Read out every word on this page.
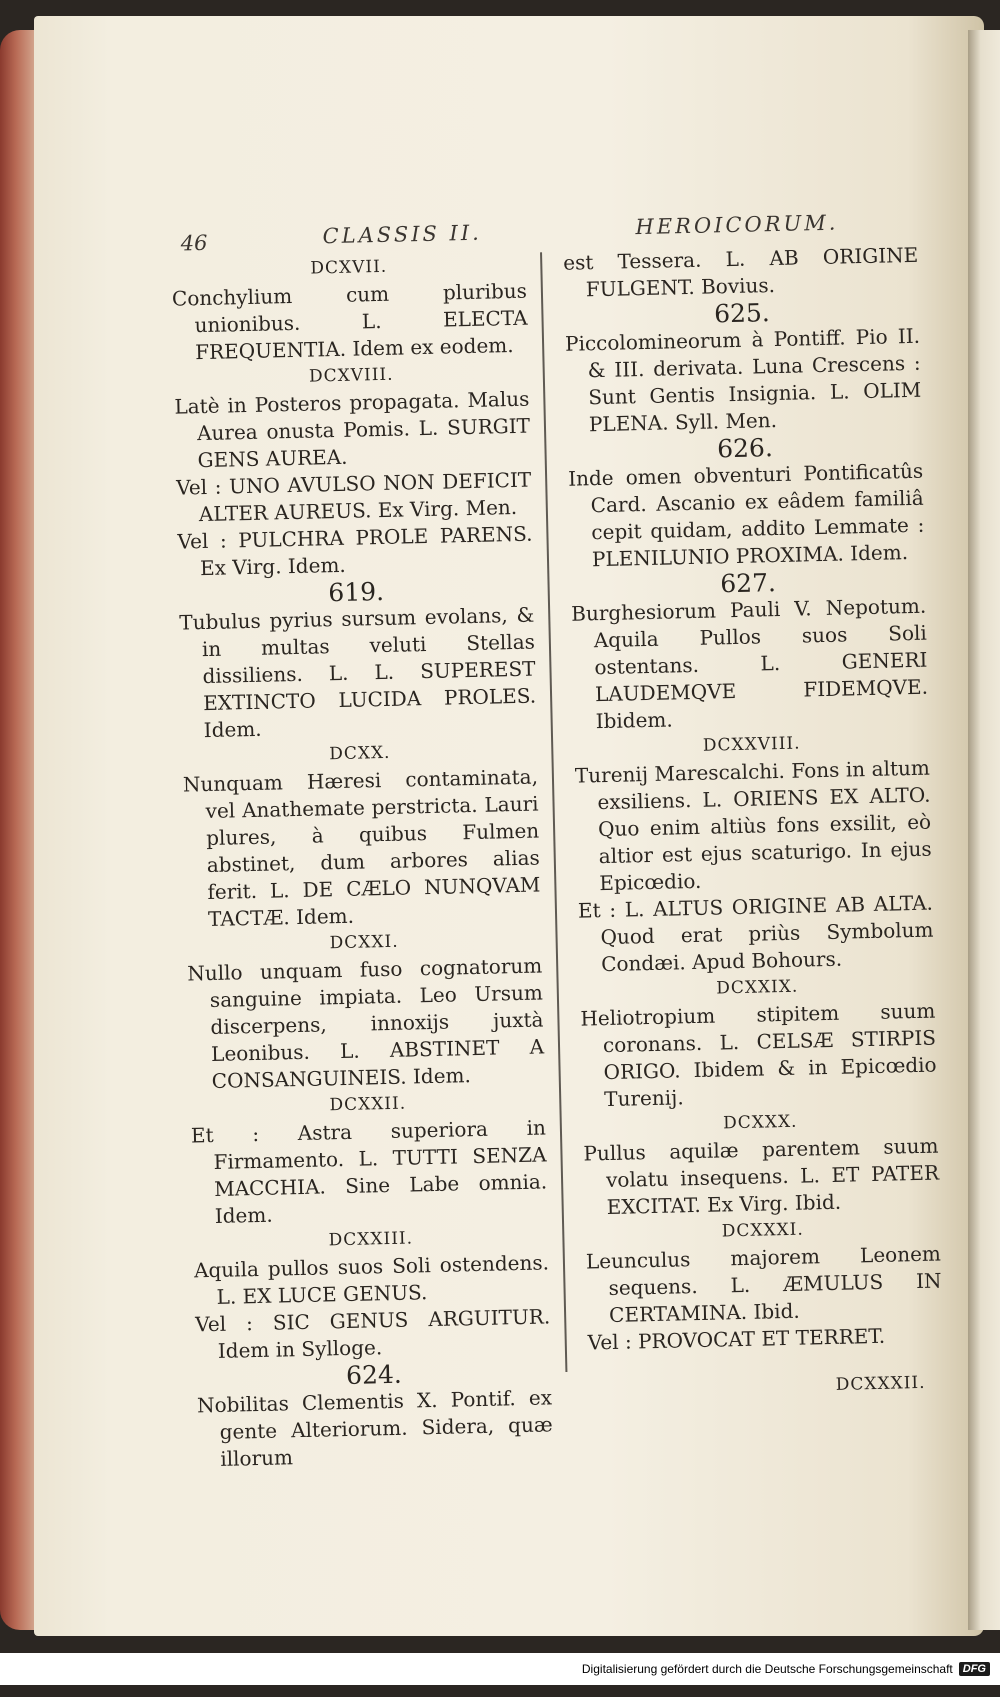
46	CLASSIS II.	HEROICORUM.

DCXVII.

Conchylium cum pluribus unionibus. L. ELECTA FREQUENTIA. Idem ex eodem.

DCXVIII.

Latè in Posteros propagata. Malus Aurea onusta Pomis. L. SURGIT GENS AUREA.

Vel : UNO AVULSO NON DEFICIT ALTER AUREUS. Ex Virg. Men.

Vel : PULCHRA PROLE PARENS. Ex Virg. Idem.

619.

Tubulus pyrius sursum evolans, & in multas veluti Stellas dissiliens. L. L. SUPEREST EXTINCTO LUCIDA PROLES. Idem.

DCXX.

Nunquam Hæresi contaminata, vel Anathemate perstricta. Lauri plures, à quibus Fulmen abstinet, dum arbores alias ferit. L. DE CÆLO NUNQVAM TACTÆ. Idem.

DCXXI.

Nullo unquam fuso cognatorum sanguine impiata. Leo Ursum discerpens, innoxijs juxtà Leonibus. L. ABSTINET A CONSANGUINEIS. Idem.

DCXXII.

Et : Astra superiora in Firmamento. L. TUTTI SENZA MACCHIA. Sine Labe omnia. Idem.

DCXXIII.

Aquila pullos suos Soli ostendens. L. EX LUCE GENUS.

Vel : SIC GENUS ARGUITUR. Idem in Sylloge.

624.

Nobilitas Clementis X. Pontif. ex gente Alteriorum. Sidera, quæ illorum

est Tessera. L. AB ORIGINE FULGENT. Bovius.

625.

Piccolomineorum à Pontiff. Pio II. & III. derivata. Luna Crescens : Sunt Gentis Insignia. L. OLIM PLENA. Syll. Men.

626.

Inde omen obventuri Pontificatûs Card. Ascanio ex eâdem familiâ cepit quidam, addito Lemmate : PLENILUNIO PROXIMA. Idem.

627.

Burghesiorum Pauli V. Nepotum. Aquila Pullos suos Soli ostentans. L. GENERI LAUDEMQVE FIDEMQVE. Ibidem.

DCXXVIII.

Turenij Marescalchi. Fons in altum exsiliens. L. ORIENS EX ALTO. Quo enim altiùs fons exsilit, eò altior est ejus scaturigo. In ejus Epicœdio.

Et : L. ALTUS ORIGINE AB ALTA. Quod erat priùs Symbolum Condæi. Apud Bohours.

DCXXIX.

Heliotropium stipitem suum coronans. L. CELSÆ STIRPIS ORIGO. Ibidem & in Epicœdio Turenij.

DCXXX.

Pullus aquilæ parentem suum volatu insequens. L. ET PATER EXCITAT. Ex Virg. Ibid.

DCXXXI.

Leunculus majorem Leonem sequens. L. ÆMULUS IN CERTAMINA. Ibid.

Vel : PROVOCAT ET TERRET.

DCXXXII.
Digitalisierung gefördert durch die Deutsche Forschungsgemeinschaft DFG
